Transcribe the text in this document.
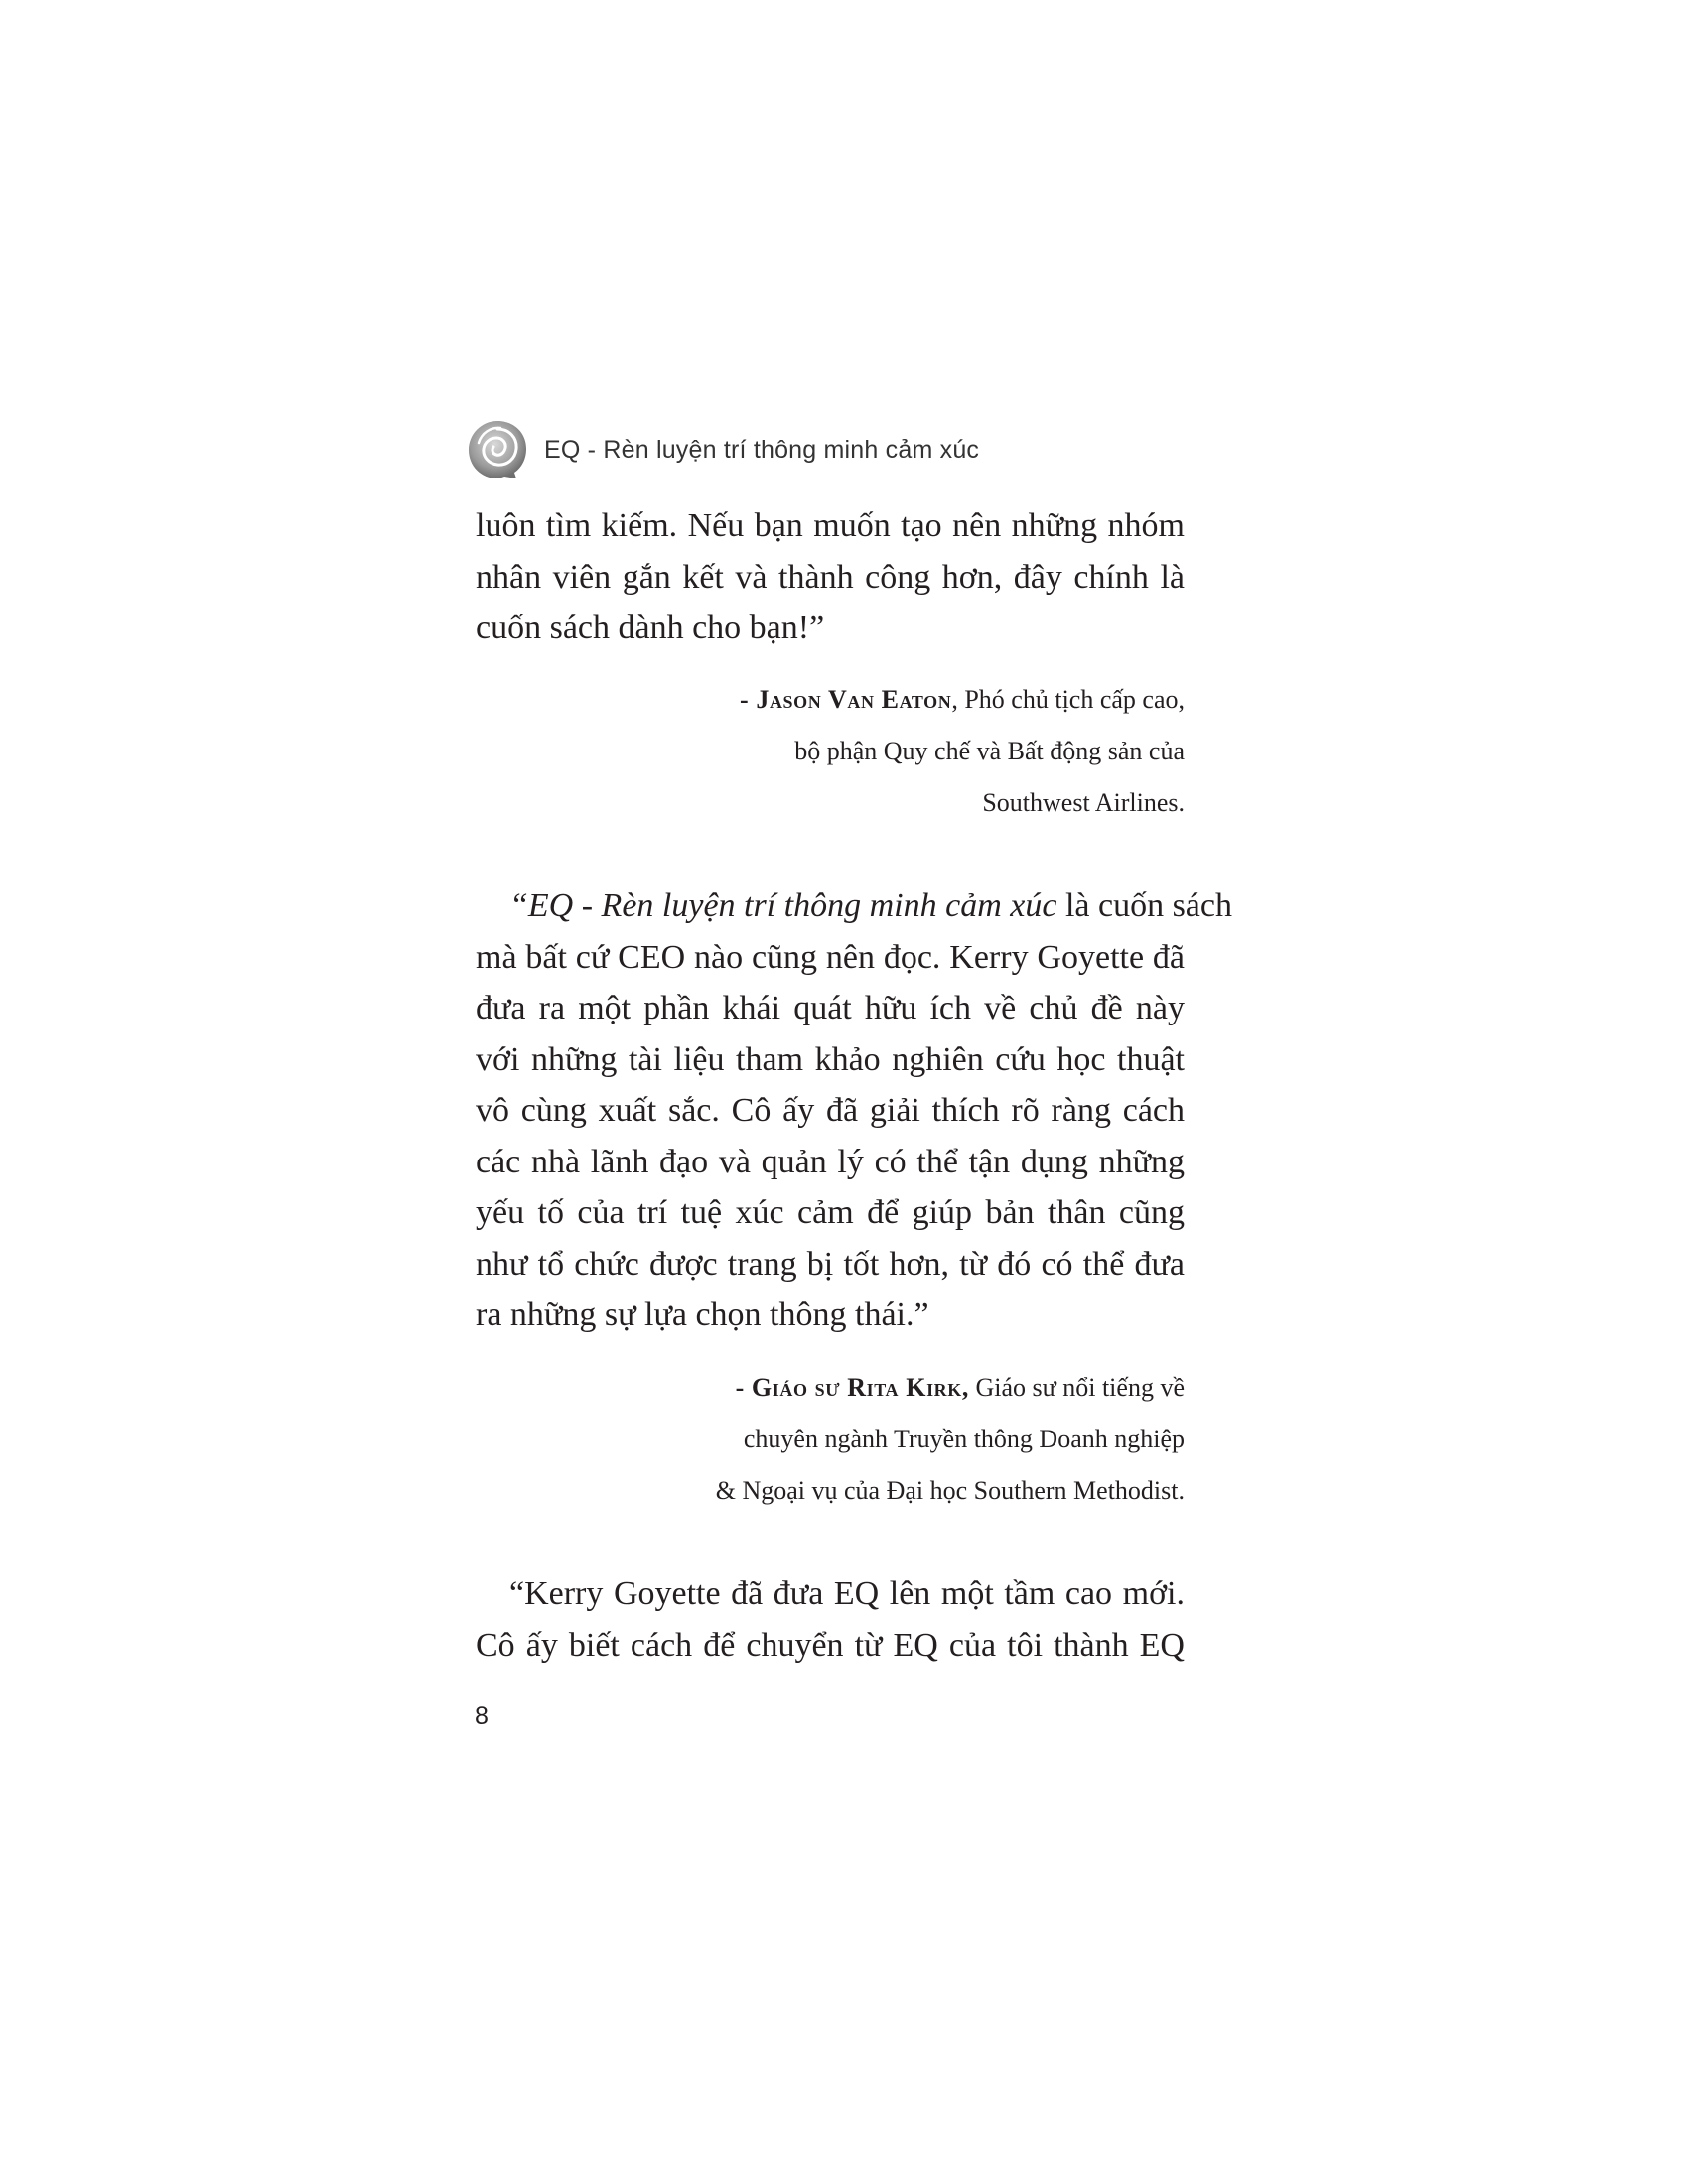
EQ - Rèn luyện trí thông minh cảm xúc

luôn tìm kiếm. Nếu bạn muốn tạo nên những nhóm
nhân viên gắn kết và thành công hơn, đây chính là
cuốn sách dành cho bạn!”

- Jason Van Eaton, Phó chủ tịch cấp cao,
bộ phận Quy chế và Bất động sản của
Southwest Airlines.

“EQ - Rèn luyện trí thông minh cảm xúc là cuốn sách
mà bất cứ CEO nào cũng nên đọc. Kerry Goyette đã
đưa ra một phần khái quát hữu ích về chủ đề này
với những tài liệu tham khảo nghiên cứu học thuật
vô cùng xuất sắc. Cô ấy đã giải thích rõ ràng cách
các nhà lãnh đạo và quản lý có thể tận dụng những
yếu tố của trí tuệ xúc cảm để giúp bản thân cũng
như tổ chức được trang bị tốt hơn, từ đó có thể đưa
ra những sự lựa chọn thông thái.”

- Giáo sư Rita Kirk, Giáo sư nổi tiếng về
chuyên ngành Truyền thông Doanh nghiệp
& Ngoại vụ của Đại học Southern Methodist.

“Kerry Goyette đã đưa EQ lên một tầm cao mới.
Cô ấy biết cách để chuyển từ EQ của tôi thành EQ

8
